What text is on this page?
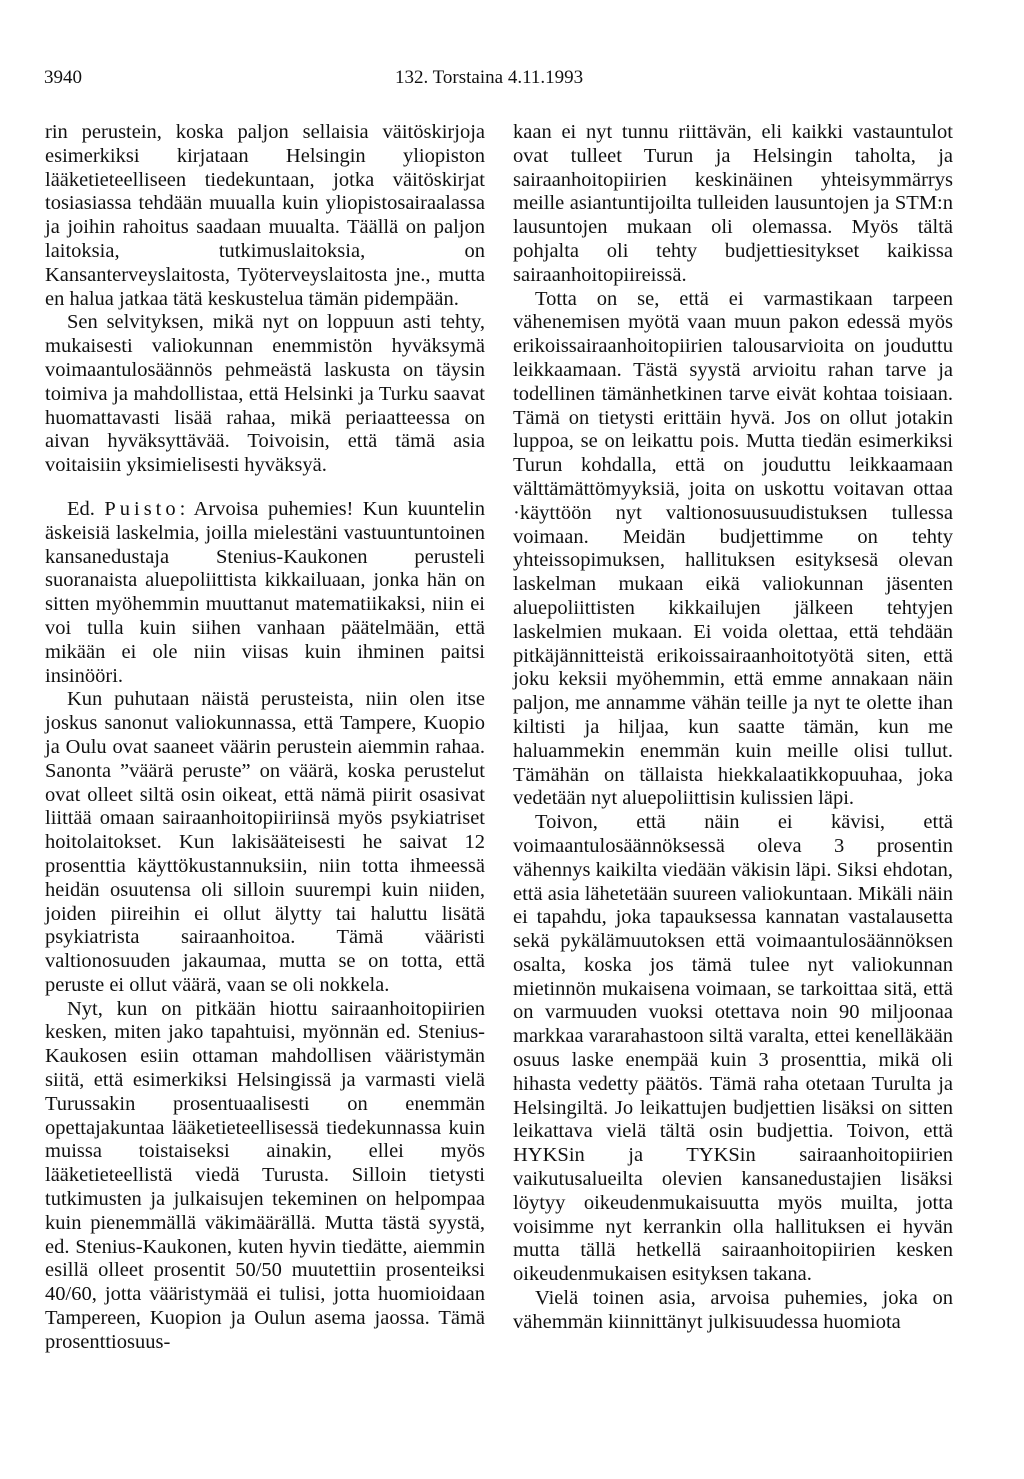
3940	132. Torstaina 4.11.1993

rin perustein, koska paljon sellaisia väitöskirjoja esimerkiksi kirjataan Helsingin yliopiston lääketieteelliseen tiedekuntaan, jotka väitöskirjat tosiasiassa tehdään muualla kuin yliopistosairaalassa ja joihin rahoitus saadaan muualta. Täällä on paljon laitoksia, tutkimuslaitoksia, on Kansanterveyslaitosta, Työterveyslaitosta jne., mutta en halua jatkaa tätä keskustelua tämän pidempään.

Sen selvityksen, mikä nyt on loppuun asti tehty, mukaisesti valiokunnan enemmistön hyväksymä voimaantulosäännös pehmeästä laskusta on täysin toimiva ja mahdollistaa, että Helsinki ja Turku saavat huomattavasti lisää rahaa, mikä periaatteessa on aivan hyväksyttävää. Toivoisin, että tämä asia voitaisiin yksimielisesti hyväksyä.

Ed. Puisto: Arvoisa puhemies! Kun kuuntelin äskeisiä laskelmia, joilla mielestäni vastuuntuntoinen kansanedustaja Stenius-Kaukonen perusteli suoranaista aluepoliittista kikkailuaan, jonka hän on sitten myöhemmin muuttanut matematiikaksi, niin ei voi tulla kuin siihen vanhaan päätelmään, että mikään ei ole niin viisas kuin ihminen paitsi insinööri.

Kun puhutaan näistä perusteista, niin olen itse joskus sanonut valiokunnassa, että Tampere, Kuopio ja Oulu ovat saaneet väärin perustein aiemmin rahaa. Sanonta ”väärä peruste” on väärä, koska perustelut ovat olleet siltä osin oikeat, että nämä piirit osasivat liittää omaan sairaanhoitopiiriinsä myös psykiatriset hoitolaitokset. Kun lakisääteisesti he saivat 12 prosenttia käyttökustannuksiin, niin totta ihmeessä heidän osuutensa oli silloin suurempi kuin niiden, joiden piireihin ei ollut älytty tai haluttu lisätä psykiatrista sairaanhoitoa. Tämä vääristi valtionosuuden jakaumaa, mutta se on totta, että peruste ei ollut väärä, vaan se oli nokkela.

Nyt, kun on pitkään hiottu sairaanhoitopiirien kesken, miten jako tapahtuisi, myönnän ed. Stenius-Kaukosen esiin ottaman mahdollisen vääristymän siitä, että esimerkiksi Helsingissä ja varmasti vielä Turussakin prosentuaalisesti on enemmän opettajakuntaa lääketieteellisessä tiedekunnassa kuin muissa toistaiseksi ainakin, ellei myös lääketieteellistä viedä Turusta. Silloin tietysti tutkimusten ja julkaisujen tekeminen on helpompaa kuin pienemmällä väkimäärällä. Mutta tästä syystä, ed. Stenius-Kaukonen, kuten hyvin tiedätte, aiemmin esillä olleet prosentit 50/50 muutettiin prosenteiksi 40/60, jotta vääristymää ei tulisi, jotta huomioidaan Tampereen, Kuopion ja Oulun asema jaossa. Tämä prosenttiosuus-

kaan ei nyt tunnu riittävän, eli kaikki vastauntulot ovat tulleet Turun ja Helsingin taholta, ja sairaanhoitopiirien keskinäinen yhteisymmärrys meille asiantuntijoilta tulleiden lausuntojen ja STM:n lausuntojen mukaan oli olemassa. Myös tältä pohjalta oli tehty budjettiesitykset kaikissa sairaanhoitopiireissä.

Totta on se, että ei varmastikaan tarpeen vähenemisen myötä vaan muun pakon edessä myös erikoissairaanhoitopiirien talousarvioita on jouduttu leikkaamaan. Tästä syystä arvioitu rahan tarve ja todellinen tämänhetkinen tarve eivät kohtaa toisiaan. Tämä on tietysti erittäin hyvä. Jos on ollut jotakin luppoa, se on leikattu pois. Mutta tiedän esimerkiksi Turun kohdalla, että on jouduttu leikkaamaan välttämättömyyksiä, joita on uskottu voitavan ottaa ·käyttöön nyt valtionosuusuudistuksen tullessa voimaan. Meidän budjettimme on tehty yhteissopimuksen, hallituksen esityksesä olevan laskelman mukaan eikä valiokunnan jäsenten aluepoliittisten kikkailujen jälkeen tehtyjen laskelmien mukaan. Ei voida olettaa, että tehdään pitkäjännitteistä erikoissairaanhoitotyötä siten, että joku keksii myöhemmin, että emme annakaan näin paljon, me annamme vähän teille ja nyt te olette ihan kiltisti ja hiljaa, kun saatte tämän, kun me haluammekin enemmän kuin meille olisi tullut. Tämähän on tällaista hiekkalaatikkopuuhaa, joka vedetään nyt aluepoliittisin kulissien läpi.

Toivon, että näin ei kävisi, että voimaantulosäännöksessä oleva 3 prosentin vähennys kaikilta viedään väkisin läpi. Siksi ehdotan, että asia lähetetään suureen valiokuntaan. Mikäli näin ei tapahdu, joka tapauksessa kannatan vastalausetta sekä pykälämuutoksen että voimaantulosäännöksen osalta, koska jos tämä tulee nyt valiokunnan mietinnön mukaisena voimaan, se tarkoittaa sitä, että on varmuuden vuoksi otettava noin 90 miljoonaa markkaa vararahastoon siltä varalta, ettei kenelläkään osuus laske enempää kuin 3 prosenttia, mikä oli hihasta vedetty päätös. Tämä raha otetaan Turulta ja Helsingiltä. Jo leikattujen budjettien lisäksi on sitten leikattava vielä tältä osin budjettia. Toivon, että HYKSin ja TYKSin sairaanhoitopiirien vaikutusalueilta olevien kansanedustajien lisäksi löytyy oikeudenmukaisuutta myös muilta, jotta voisimme nyt kerrankin olla hallituksen ei hyvän mutta tällä hetkellä sairaanhoitopiirien kesken oikeudenmukaisen esityksen takana.

Vielä toinen asia, arvoisa puhemies, joka on vähemmän kiinnittänyt julkisuudessa huomiota
